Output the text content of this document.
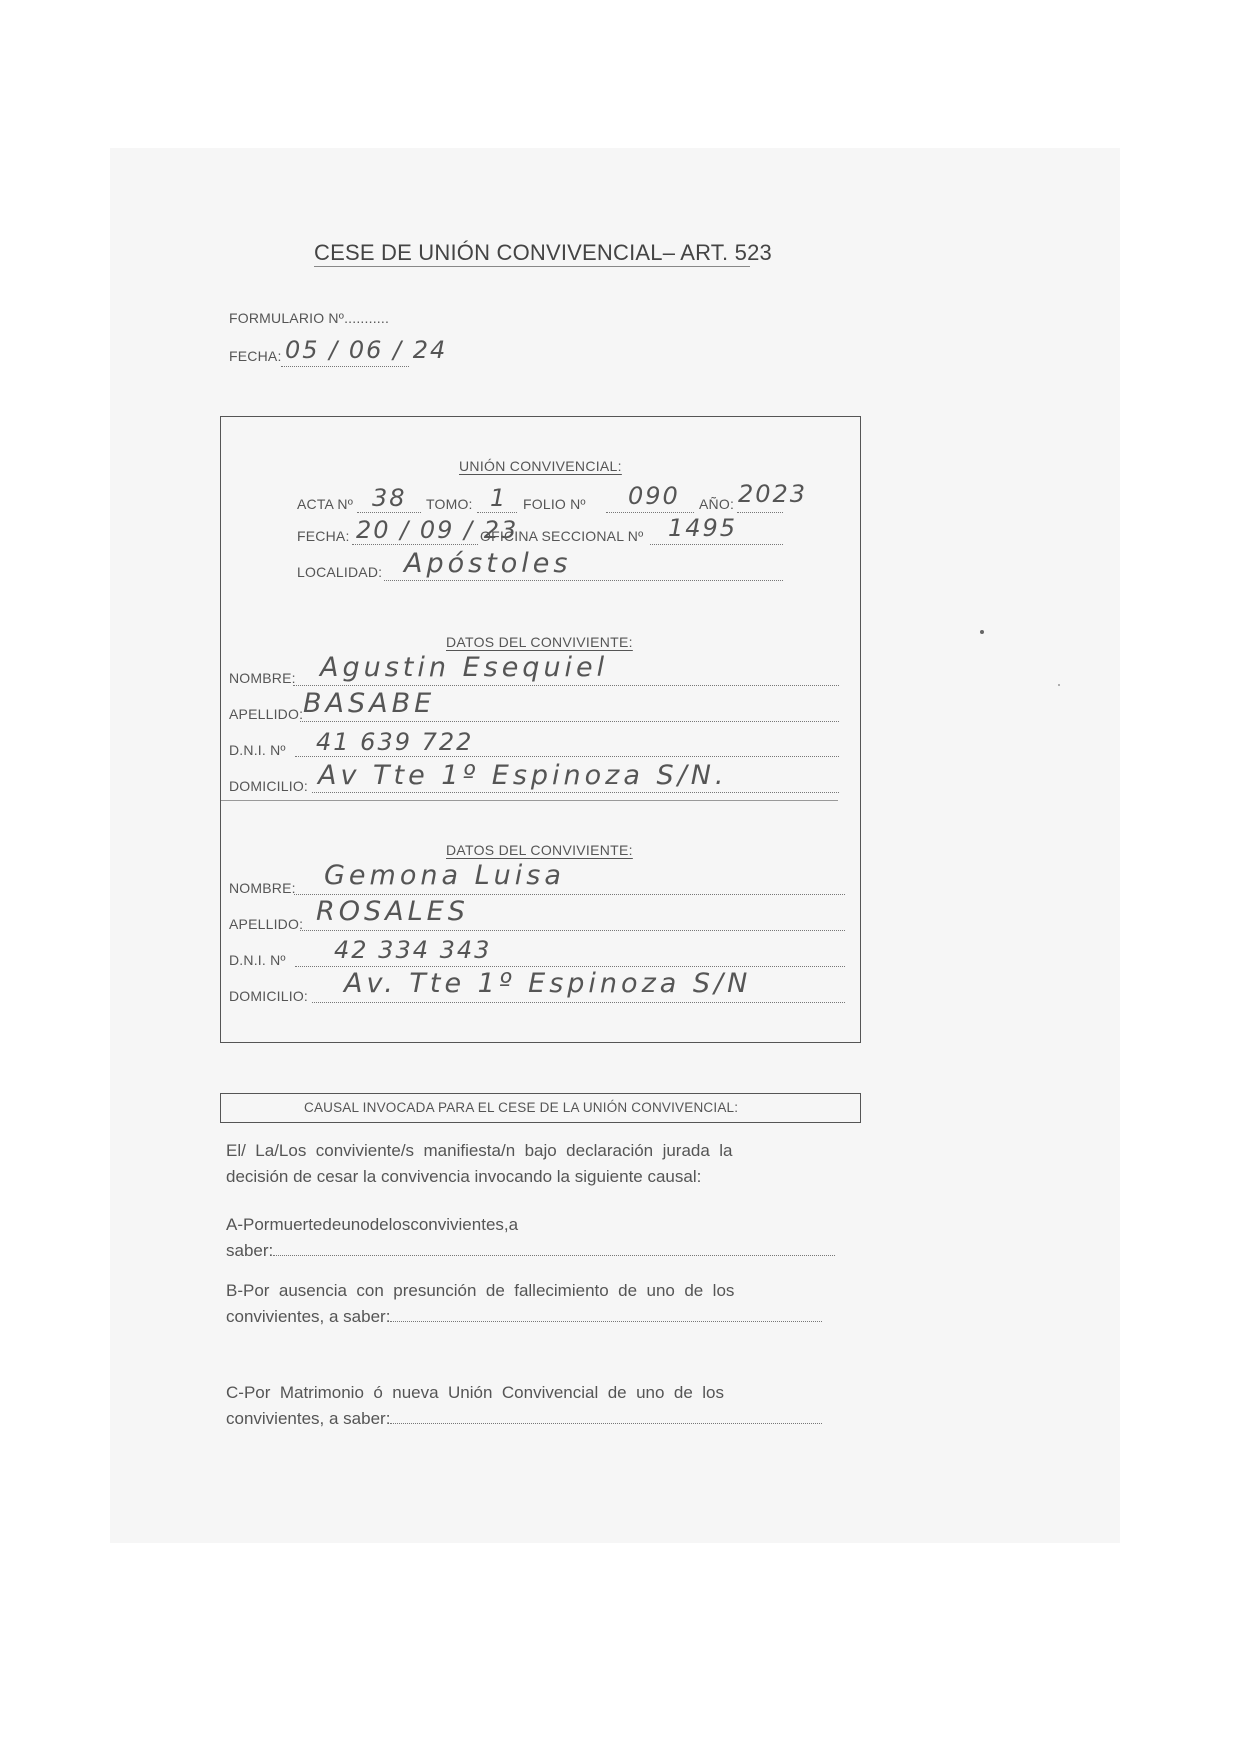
CESE DE UNIÓN CONVIVENCIAL– ART. 523
FORMULARIO Nº...........
FECHA: 05 / 06 / 24
UNIÓN CONVIVENCIAL:
ACTA Nº 38 TOMO: 1 FOLIO Nº 090 AÑO: 2023
FECHA: 20 / 09 / 23
OFICINA SECCIONAL Nº 1495
LOCALIDAD: Apóstoles
DATOS DEL CONVIVIENTE:
NOMBRE: Agustin Esequiel
APELLIDO: BASABE
D.N.I. Nº 41 639 722
DOMICILIO: Av Tte 1º Espinoza S/N.
DATOS DEL CONVIVIENTE:
NOMBRE: Gemona Luisa
APELLIDO: ROSALES
D.N.I. Nº 42 334 343
DOMICILIO: Av. Tte 1º Espinoza S/N
CAUSAL INVOCADA PARA EL CESE DE LA UNIÓN CONVIVENCIAL:
El/  La/Los  conviviente/s  manifiesta/n  bajo  declaración  jurada  la
decisión de cesar la convivencia invocando la siguiente causal:
A-Pormuertedeunodelosconvivientes,a
saber:
B-Por  ausencia  con  presunción  de  fallecimiento  de  uno  de  los
convivientes, a saber:
C-Por  Matrimonio  ó  nueva  Unión  Convivencial  de  uno  de  los
convivientes, a saber:
